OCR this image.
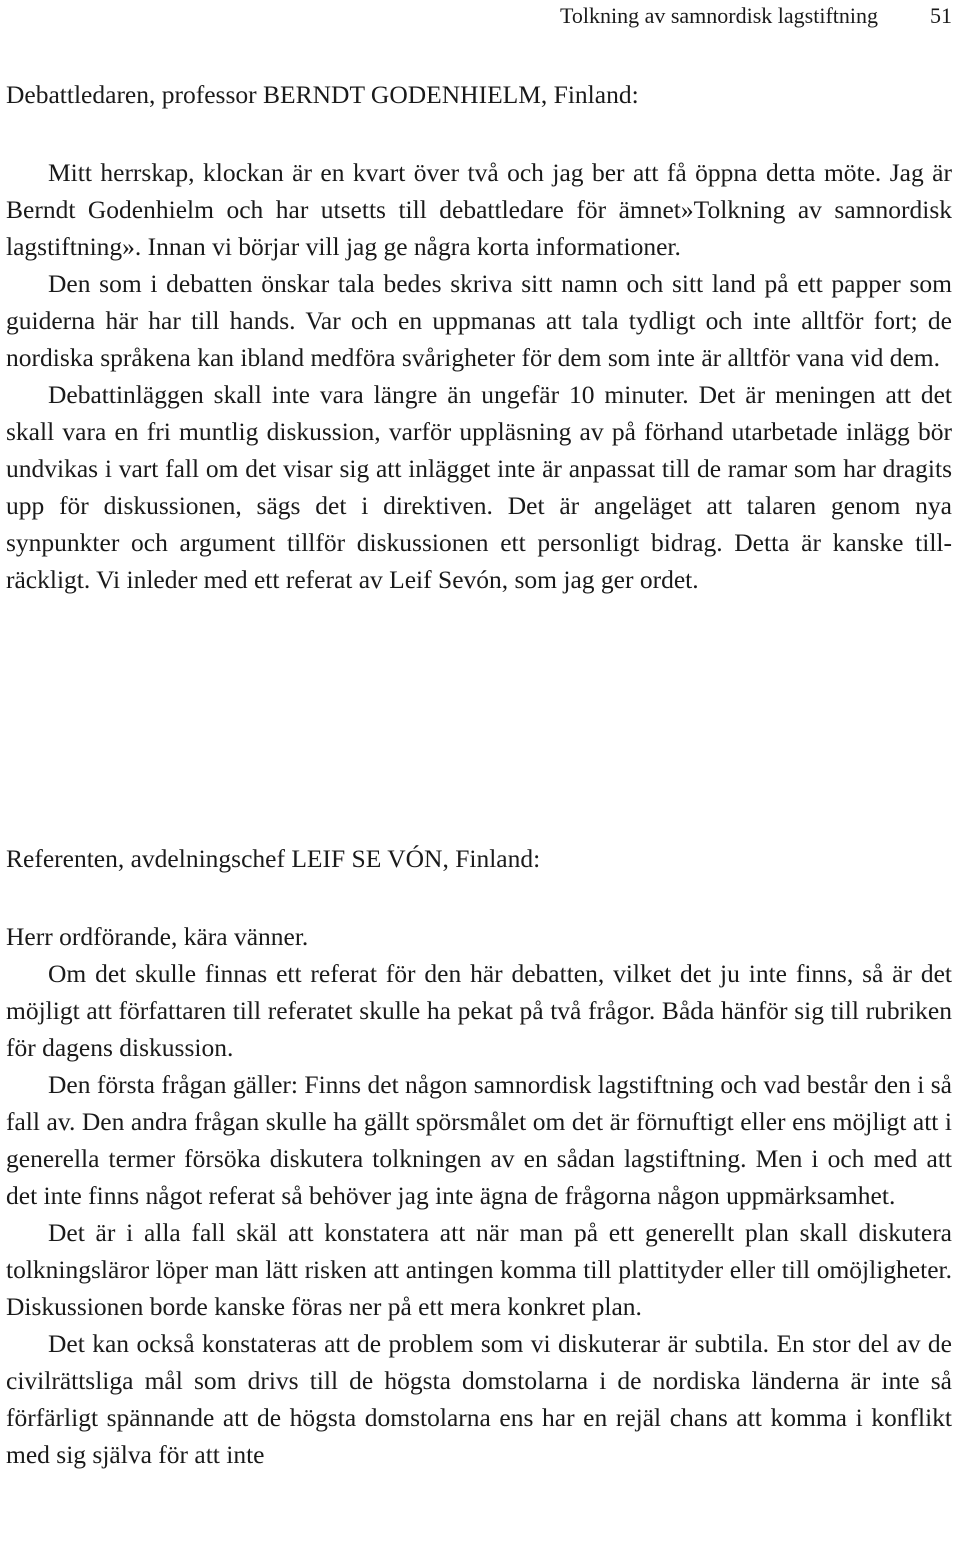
Tolkning av samnordisk lagstiftning 51
Debattledaren, professor BERNDT GODENHIELM, Finland:

Mitt herrskap, klockan är en kvart över två och jag ber att få öppna detta möte. Jag är Berndt Godenhielm och har utsetts till debattledare för ämnet»Tolkning av samnordisk lagstiftning». Innan vi börjar vill jag ge några korta informationer.

Den som i debatten önskar tala bedes skriva sitt namn och sitt land på ett papper som guiderna här har till hands. Var och en uppmanas att tala tydligt och inte alltför fort; de nordiska språkena kan ibland medföra svårigheter för dem som inte är alltför vana vid dem.

Debattinläggen skall inte vara längre än ungefär 10 minuter. Det är meningen att det skall vara en fri muntlig diskussion, varför uppläsning av på förhand utarbetade inlägg bör undvikas i vart fall om det visar sig att inlägget inte är anpassat till de ramar som har dragits upp för diskussionen, sägs det i direktiven. Det är angeläget att talaren genom nya synpunkter och argument tillför diskussionen ett personligt bidrag. Detta är kanske tillräckligt. Vi inleder med ett referat av Leif Sevón, som jag ger ordet.

Referenten, avdelningschef LEIF SE VÓN, Finland:

Herr ordförande, kära vänner.

Om det skulle finnas ett referat för den här debatten, vilket det ju inte finns, så är det möjligt att författaren till referatet skulle ha pekat på två frågor. Båda hänför sig till rubriken för dagens diskussion.

Den första frågan gäller: Finns det någon samnordisk lagstiftning och vad består den i så fall av. Den andra frågan skulle ha gällt spörsmålet om det är förnuftigt eller ens möjligt att i generella termer försöka diskutera tolkningen av en sådan lagstiftning. Men i och med att det inte finns något referat så behöver jag inte ägna de frågorna någon uppmärksamhet.

Det är i alla fall skäl att konstatera att när man på ett generellt plan skall diskutera tolkningsläror löper man lätt risken att antingen komma till plattityder eller till omöjligheter. Diskussionen borde kanske föras ner på ett mera konkret plan.

Det kan också konstateras att de problem som vi diskuterar är subtila. En stor del av de civilrättsliga mål som drivs till de högsta domstolarna i de nordiska länderna är inte så förfärligt spännande att de högsta domstolarna ens har en rejäl chans att komma i konflikt med sig själva för att inte
